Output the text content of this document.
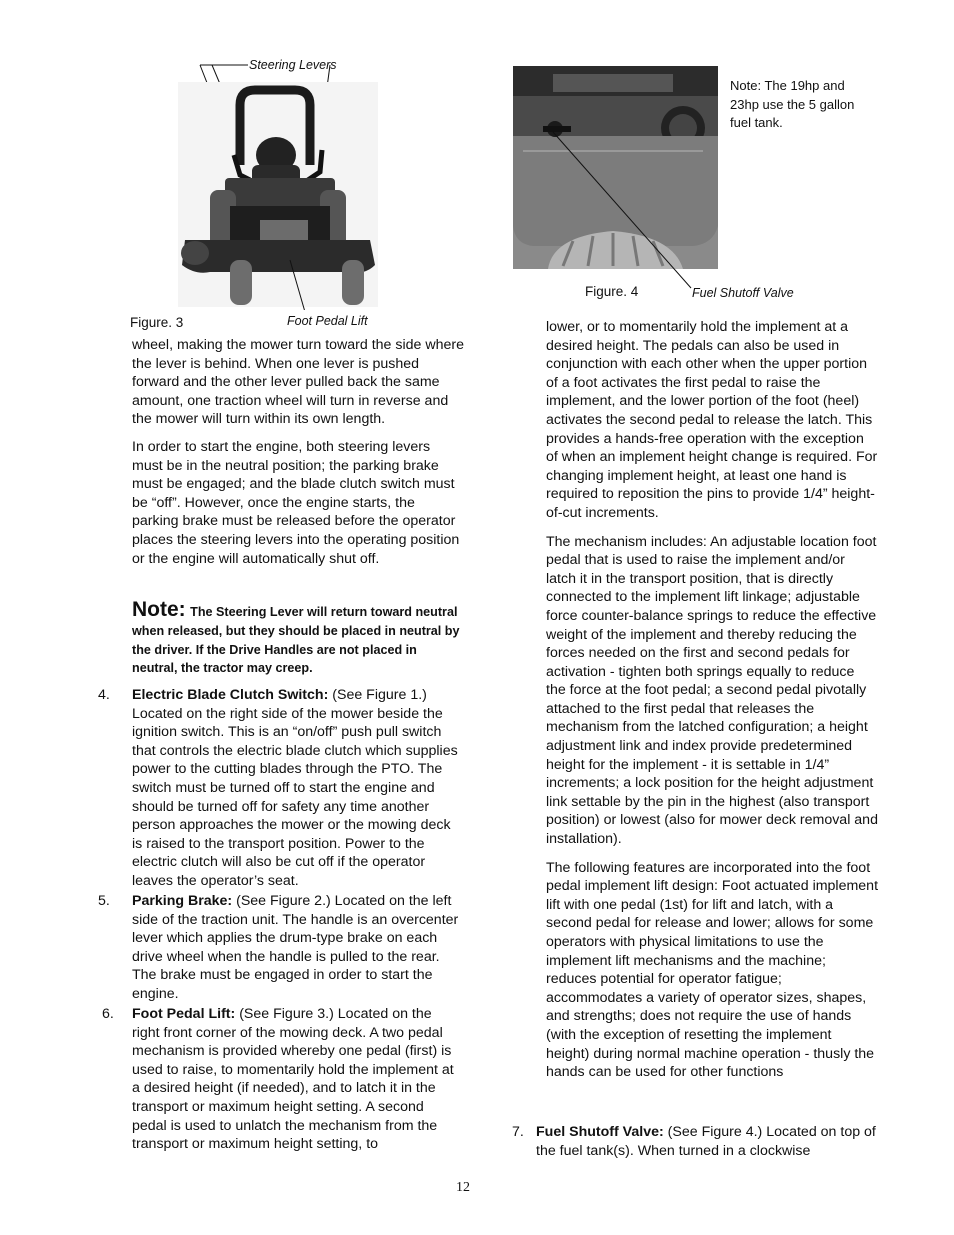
Steering Levers
Figure. 3	Foot Pedal Lift
Note: The 19hp and 23hp use the 5 gallon fuel tank.
Figure. 4	Fuel Shutoff Valve

wheel, making the mower turn toward the side where the lever is behind. When one lever is pushed forward and the other lever pulled back the same amount, one traction wheel will turn in reverse and the mower will turn within its own length.

In order to start the engine, both steering levers must be in the neutral position; the parking brake must be engaged; and the blade clutch switch must be “off”. However, once the engine starts, the parking brake must be released before the operator places the steering levers into the operating position or the engine will automatically shut off.

Note: The Steering Lever will return toward neutral when released, but they should be placed in neutral by the driver. If the Drive Handles are not placed in neutral, the tractor may creep.
4.	Electric Blade Clutch Switch: (See Figure 1.) Located on the right side of the mower beside the ignition switch. This is an “on/off” push pull switch that controls the electric blade clutch which supplies power to the cutting blades through the PTO. The switch must be turned off to start the engine and should be turned off for safety any time another person approaches the mower or the mowing deck is raised to the transport position. Power to the electric clutch will also be cut off if the operator leaves the operator’s seat.
5.	Parking Brake: (See Figure 2.) Located on the left side of the traction unit. The handle is an overcenter lever which applies the drum-type brake on each drive wheel when the handle is pulled to the rear. The brake must be engaged in order to start the engine.
6.	Foot Pedal Lift: (See Figure 3.) Located on the right front corner of the mowing deck. A two pedal mechanism is provided whereby one pedal (first) is used to raise, to momentarily hold the implement at a desired height (if needed), and to latch it in the transport or maximum height setting. A second pedal is used to unlatch the mechanism from the transport or maximum height setting, to

lower, or to momentarily hold the implement at a desired height. The pedals can also be used in conjunction with each other when the upper portion of a foot activates the first pedal to raise the implement, and the lower portion of the foot (heel) activates the second pedal to release the latch. This provides a hands-free operation with the exception of when an implement height change is required. For changing implement height, at least one hand is required to reposition the pins to provide 1/4” height-of-cut increments.

The mechanism includes: An adjustable location foot pedal that is used to raise the implement and/or latch it in the transport position, that is directly connected to the implement lift linkage; adjustable force counter-balance springs to reduce the effective weight of the implement and thereby reducing the forces needed on the first and second pedals for activation - tighten both springs equally to reduce the force at the foot pedal; a second pedal pivotally attached to the first pedal that releases the mechanism from the latched configuration; a height adjustment link and index provide predetermined height for the implement - it is settable in 1/4” increments; a lock position for the height adjustment link settable by the pin in the highest (also transport position) or lowest (also for mower deck removal and installation).

The following features are incorporated into the foot pedal implement lift design: Foot actuated implement lift with one pedal (1st) for lift and latch, with a second pedal for release and lower; allows for some operators with physical limitations to use the implement lift mechanisms and the machine; reduces potential for operator fatigue; accommodates a variety of operator sizes, shapes, and strengths; does not require the use of hands (with the exception of resetting the implement height) during normal machine operation - thusly the hands can be used for other functions

7. Fuel Shutoff Valve: (See Figure 4.) Located on top of the fuel tank(s). When turned in a clockwise
12
